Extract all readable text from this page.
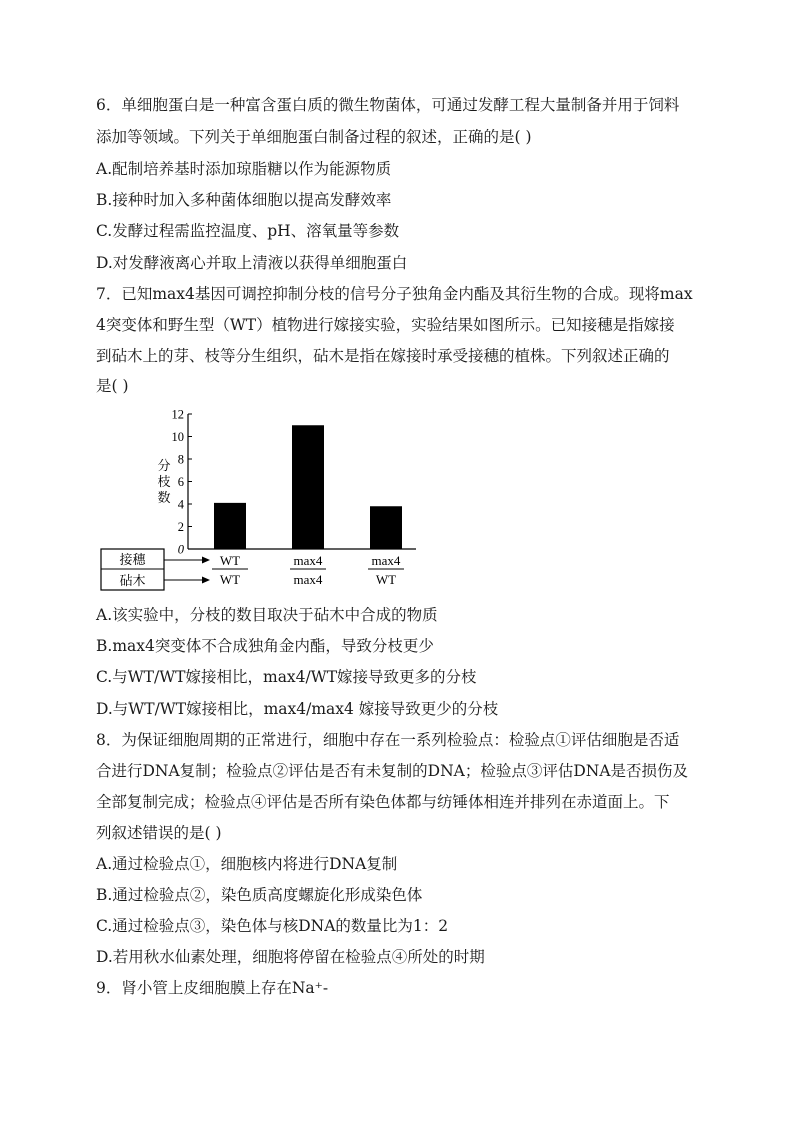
6．单细胞蛋白是一种富含蛋白质的微生物菌体，可通过发酵工程大量制备并用于饲料
添加等领域。下列关于单细胞蛋白制备过程的叙述，正确的是( )
A.配制培养基时添加琼脂糖以作为能源物质
B.接种时加入多种菌体细胞以提高发酵效率
C.发酵过程需监控温度、pH、溶氧量等参数
D.对发酵液离心并取上清液以获得单细胞蛋白
7．已知max4基因可调控抑制分枝的信号分子独角金内酯及其衍生物的合成。现将max
4突变体和野生型（WT）植物进行嫁接实验，实验结果如图所示。已知接穗是指嫁接
到砧木上的芽、枝等分生组织，砧木是指在嫁接时承受接穗的植株。下列叙述正确的
是( )
分枝数
0
2
4
6
8
10
12
接穗
砧木
WT
WT
max4
max4
max4
WT
A.该实验中，分枝的数目取决于砧木中合成的物质
B.max4突变体不合成独角金内酯，导致分枝更少
C.与WT/WT嫁接相比，max4/WT嫁接导致更多的分枝
D.与WT/WT嫁接相比，max4/max4 嫁接导致更少的分枝
8．为保证细胞周期的正常进行，细胞中存在一系列检验点：检验点①评估细胞是否适
合进行DNA复制；检验点②评估是否有未复制的DNA；检验点③评估DNA是否损伤及
全部复制完成；检验点④评估是否所有染色体都与纺锤体相连并排列在赤道面上。下
列叙述错误的是( )
A.通过检验点①，细胞核内将进行DNA复制
B.通过检验点②，染色质高度螺旋化形成染色体
C.通过检验点③，染色体与核DNA的数量比为1：2
D.若用秋水仙素处理，细胞将停留在检验点④所处的时期
9．肾小管上皮细胞膜上存在Na⁺-
